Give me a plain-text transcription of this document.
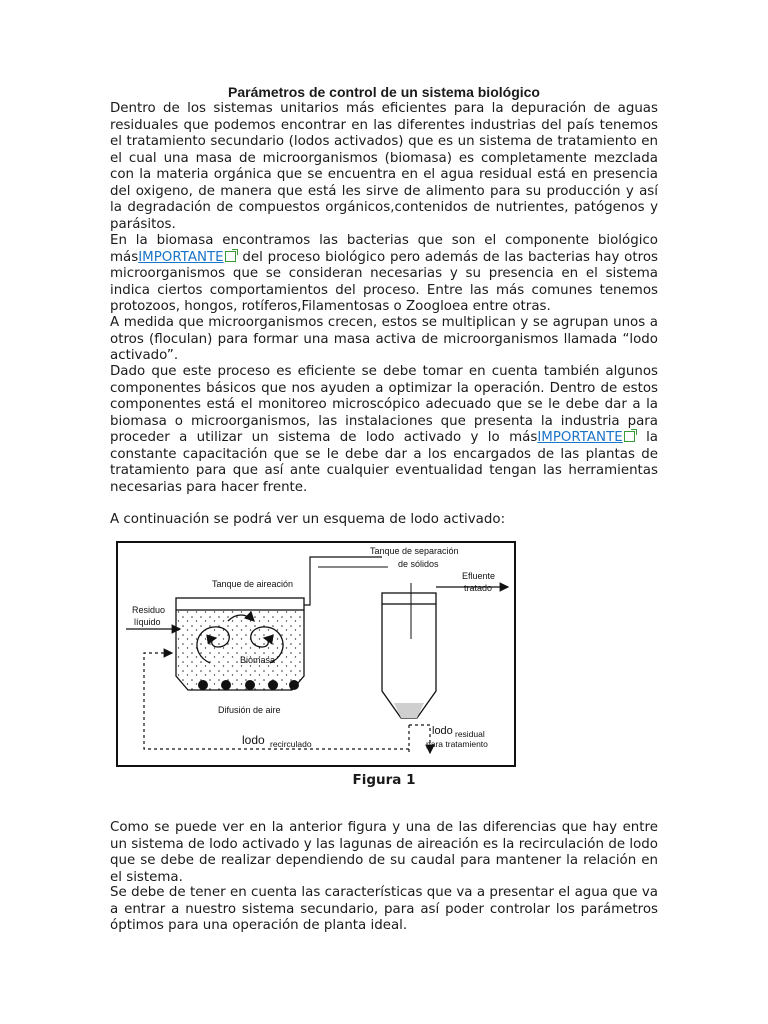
Parámetros de control de un sistema biológico

Dentro de los sistemas unitarios más eficientes para la depuración de aguas residuales que podemos encontrar en las diferentes industrias del país tenemos el tratamiento secundario (lodos activados) que es un sistema de tratamiento en el cual una masa de microorganismos (biomasa) es completamente mezclada con la materia orgánica que se encuentra en el agua residual está en presencia del oxigeno, de manera que está les sirve de alimento para su producción y así la degradación de compuestos orgánicos,contenidos de nutrientes, patógenos y parásitos.

En la biomasa encontramos las bacterias que son el componente biológico másIMPORTANTE del proceso biológico pero además de las bacterias hay otros microorganismos que se consideran necesarias y su presencia en el sistema indica ciertos comportamientos del proceso. Entre las más comunes tenemos protozoos, hongos, rotíferos,Filamentosas o Zoogloea entre otras.

A medida que microorganismos crecen, estos se multiplican y se agrupan unos a otros (floculan) para formar una masa activa de microorganismos llamada “lodo activado”.

Dado que este proceso es eficiente se debe tomar en cuenta también algunos componentes básicos que nos ayuden a optimizar la operación. Dentro de estos componentes está el monitoreo microscópico adecuado que se le debe dar a la biomasa o microorganismos, las instalaciones que presenta la industria para proceder a utilizar un sistema de lodo activado y lo másIMPORTANTE la constante capacitación que se le debe dar a los encargados de las plantas de tratamiento para que así ante cualquier eventualidad tengan las herramientas necesarias para hacer frente.

A continuación se podrá ver un esquema de lodo activado:

Tanque de separación
de sólidos
Tanque de aireación
Efluente
tratado
Residuo
líquido
Biomasa
Difusión de aire
lodo recirculado
lodo residual
para tratamiento
Figura 1

Como se puede ver en la anterior figura y una de las diferencias que hay entre un sistema de lodo activado y las lagunas de aireación es la recirculación de lodo que se debe de realizar dependiendo de su caudal para mantener la relación en el sistema.

Se debe de tener en cuenta las características que va a presentar el agua que va a entrar a nuestro sistema secundario, para así poder controlar los parámetros óptimos para una operación de planta ideal.
